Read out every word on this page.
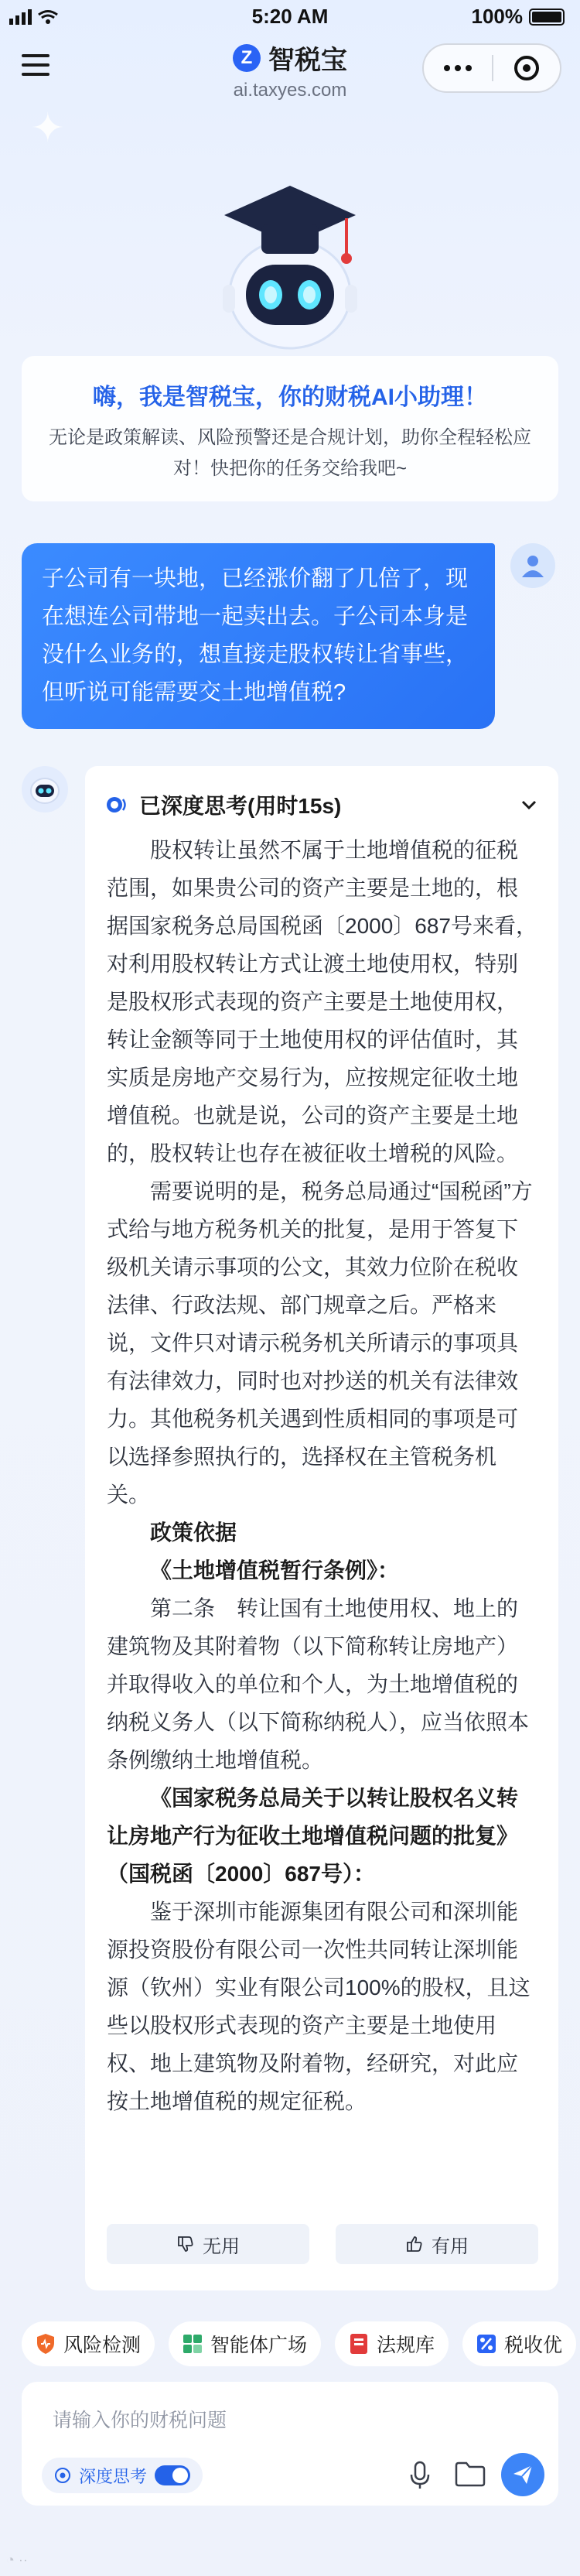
5:20 AM	100%
Z 智税宝
ai.taxyes.com
✦
嗨，我是智税宝，你的财税AI小助理！

无论是政策解读、风险预警还是合规计划，助你全程轻松应
对！快把你的任务交给我吧~

子公司有一块地，已经涨价翻了几倍了，现在想连公司带地一起卖出去。子公司本身是没什么业务的，想直接走股权转让省事些，但听说可能需要交土地增值税?
已深度思考(用时15s)

股权转让虽然不属于土地增值税的征税范围，如果贵公司的资产主要是土地的，根据国家税务总局国税函〔2000〕687号来看，对利用股权转让方式让渡土地使用权，特别是股权形式表现的资产主要是土地使用权，转让金额等同于土地使用权的评估值时，其实质是房地产交易行为，应按规定征收土地增值税。也就是说，公司的资产主要是土地的，股权转让也存在被征收土增税的风险。

需要说明的是，税务总局通过“国税函”方式给与地方税务机关的批复，是用于答复下级机关请示事项的公文，其效力位阶在税收法律、行政法规、部门规章之后。严格来说，文件只对请示税务机关所请示的事项具有法律效力，同时也对抄送的机关有法律效力。其他税务机关遇到性质相同的事项是可以选择参照执行的，选择权在主管税务机关。

政策依据

《土地增值税暂行条例》：

第二条　转让国有土地使用权、地上的建筑物及其附着物（以下简称转让房地产）并取得收入的单位和个人，为土地增值税的纳税义务人（以下简称纳税人），应当依照本条例缴纳土地增值税。

《国家税务总局关于以转让股权名义转让房地产行为征收土地增值税问题的批复》（国税函〔2000〕687号）：

鉴于深圳市能源集团有限公司和深圳能源投资股份有限公司一次性共同转让深圳能源（钦州）实业有限公司100%的股权，且这些以股权形式表现的资产主要是土地使用权、地上建筑物及附着物，经研究，对此应按土地增值税的规定征税。

无用	有用
风险检测	智能体广场	法规库	税收优
请输入你的财税问题
深度思考
◔ ··
